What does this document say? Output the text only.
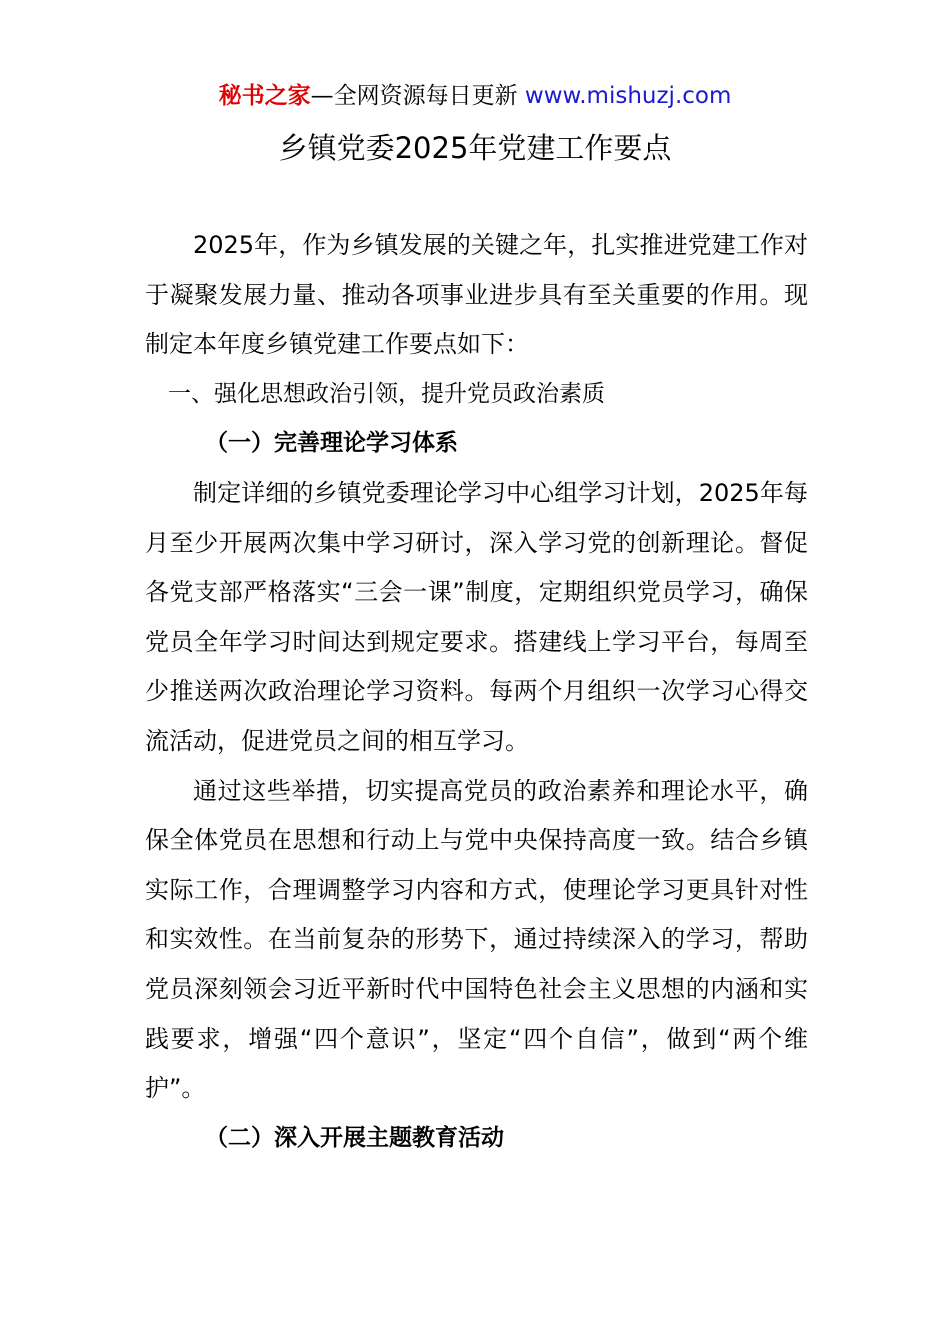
秘书之家—全网资源每日更新 www.mishuzj.com
乡镇党委2025年党建工作要点

2025年，作为乡镇发展的关键之年，扎实推进党建工作对于凝聚发展力量、推动各项事业进步具有至关重要的作用。现制定本年度乡镇党建工作要点如下：

一、强化思想政治引领，提升党员政治素质

（一）完善理论学习体系

制定详细的乡镇党委理论学习中心组学习计划，2025年每月至少开展两次集中学习研讨，深入学习党的创新理论。督促各党支部严格落实“三会一课”制度，定期组织党员学习，确保党员全年学习时间达到规定要求。搭建线上学习平台，每周至少推送两次政治理论学习资料。每两个月组织一次学习心得交流活动，促进党员之间的相互学习。

通过这些举措，切实提高党员的政治素养和理论水平，确保全体党员在思想和行动上与党中央保持高度一致。结合乡镇实际工作，合理调整学习内容和方式，使理论学习更具针对性和实效性。在当前复杂的形势下，通过持续深入的学习，帮助党员深刻领会习近平新时代中国特色社会主义思想的内涵和实践要求，增强“四个意识”，坚定“四个自信”，做到“两个维护”。

（二）深入开展主题教育活动
